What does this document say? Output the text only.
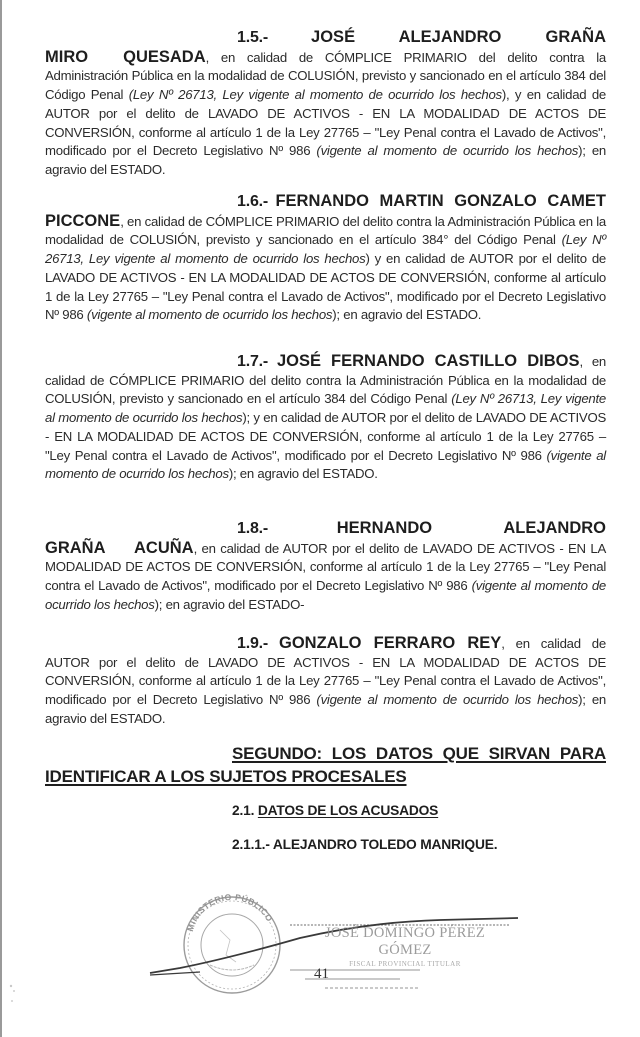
1.5.-	JOSÉ ALEJANDRO GRAÑA MIRO QUESADA, en calidad de CÓMPLICE PRIMARIO del delito contra la Administración Pública en la modalidad de COLUSIÓN, previsto y sancionado en el artículo 384 del Código Penal (Ley Nº 26713, Ley vigente al momento de ocurrido los hechos), y en calidad de AUTOR por el delito de LAVADO DE ACTIVOS - EN LA MODALIDAD DE ACTOS DE CONVERSIÓN, conforme al artículo 1 de la Ley 27765 – "Ley Penal contra el Lavado de Activos", modificado por el Decreto Legislativo Nº 986 (vigente al momento de ocurrido los hechos); en agravio del ESTADO.

1.6.- FERNANDO MARTIN GONZALO CAMET PICCONE, en calidad de CÓMPLICE PRIMARIO del delito contra la Administración Pública en la modalidad de COLUSIÓN, previsto y sancionado en el artículo 384° del Código Penal (Ley Nº 26713, Ley vigente al momento de ocurrido los hechos) y en calidad de AUTOR por el delito de LAVADO DE ACTIVOS - EN LA MODALIDAD DE ACTOS DE CONVERSIÓN, conforme al artículo 1 de la Ley 27765 – "Ley Penal contra el Lavado de Activos", modificado por el Decreto Legislativo Nº 986 (vigente al momento de ocurrido los hechos); en agravio del ESTADO.

1.7.- JOSÉ FERNANDO CASTILLO DIBOS, en calidad de CÓMPLICE PRIMARIO del delito contra la Administración Pública en la modalidad de COLUSIÓN, previsto y sancionado en el artículo 384 del Código Penal (Ley Nº 26713, Ley vigente al momento de ocurrido los hechos); y en calidad de AUTOR por el delito de LAVADO DE ACTIVOS - EN LA MODALIDAD DE ACTOS DE CONVERSIÓN, conforme al artículo 1 de la Ley 27765 – "Ley Penal contra el Lavado de Activos", modificado por el Decreto Legislativo Nº 986 (vigente al momento de ocurrido los hechos); en agravio del ESTADO.

1.8.-	HERNANDO ALEJANDRO GRAÑA ACUÑA, en calidad de AUTOR por el delito de LAVADO DE ACTIVOS - EN LA MODALIDAD DE ACTOS DE CONVERSIÓN, conforme al artículo 1 de la Ley 27765 – "Ley Penal contra el Lavado de Activos", modificado por el Decreto Legislativo Nº 986 (vigente al momento de ocurrido los hechos); en agravio del ESTADO-

1.9.- GONZALO FERRARO REY, en calidad de AUTOR por el delito de LAVADO DE ACTIVOS - EN LA MODALIDAD DE ACTOS DE CONVERSIÓN, conforme al artículo 1 de la Ley 27765 – "Ley Penal contra el Lavado de Activos", modificado por el Decreto Legislativo Nº 986 (vigente al momento de ocurrido los hechos); en agravio del ESTADO.

SEGUNDO: LOS DATOS QUE SIRVAN PARA IDENTIFICAR A LOS SUJETOS PROCESALES

2.1. DATOS DE LOS ACUSADOS
2.1.1.- ALEJANDRO TOLEDO MANRIQUE.
MINISTERIO PÚBLICO
JOSÉ DOMINGO PÉREZ GÓMEZ
FISCAL PROVINCIAL TITULAR
41
